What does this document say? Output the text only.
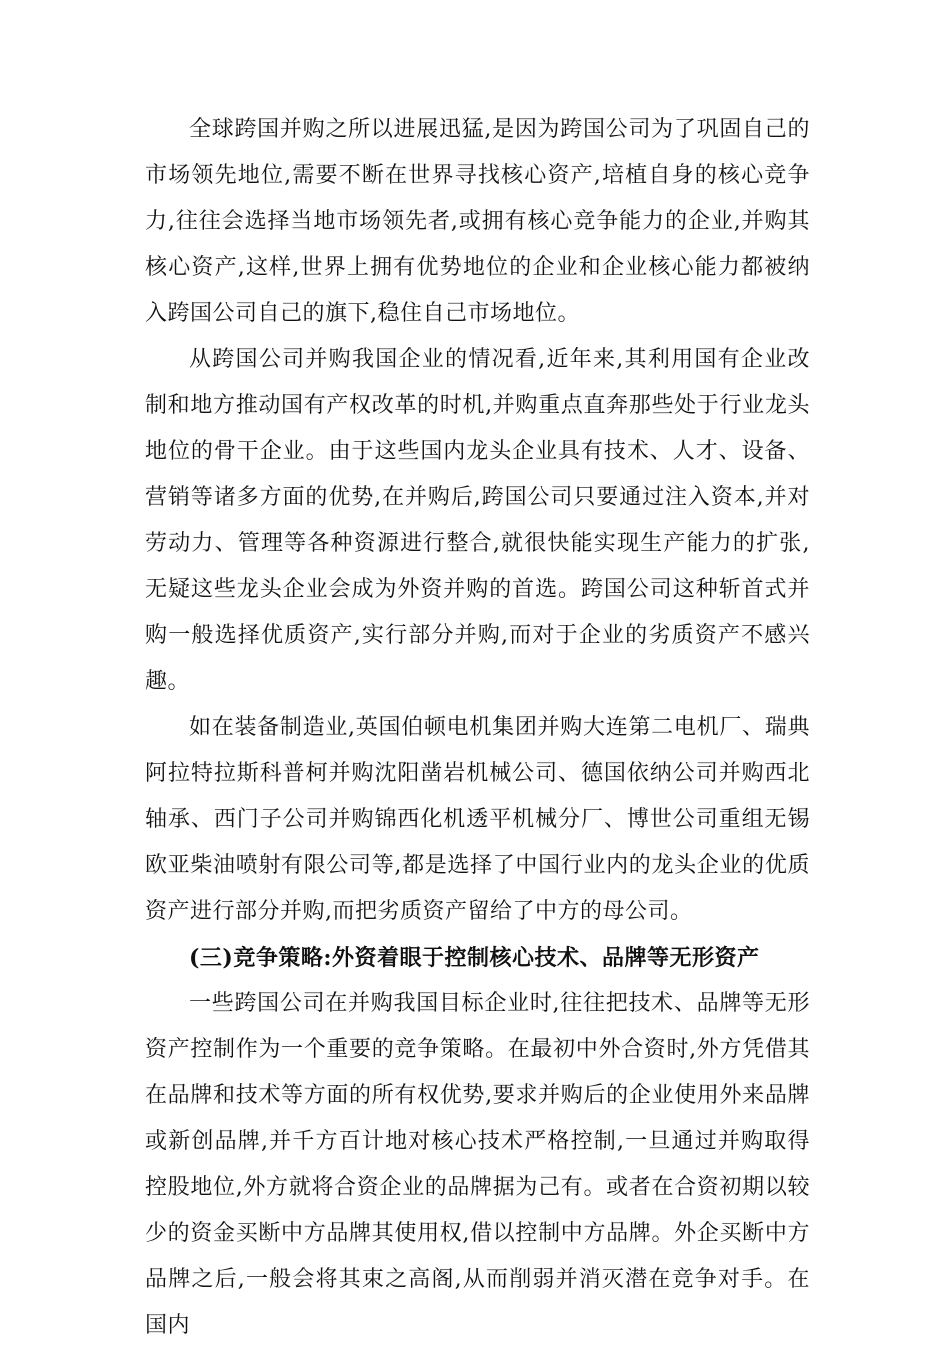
全球跨国并购之所以进展迅猛,是因为跨国公司为了巩固自己的市场领先地位,需要不断在世界寻找核心资产,培植自身的核心竞争力,往往会选择当地市场领先者,或拥有核心竞争能力的企业,并购其核心资产,这样,世界上拥有优势地位的企业和企业核心能力都被纳入跨国公司自己的旗下,稳住自己市场地位。

从跨国公司并购我国企业的情况看,近年来,其利用国有企业改制和地方推动国有产权改革的时机,并购重点直奔那些处于行业龙头地位的骨干企业。由于这些国内龙头企业具有技术、人才、设备、营销等诸多方面的优势,在并购后,跨国公司只要通过注入资本,并对劳动力、管理等各种资源进行整合,就很快能实现生产能力的扩张,无疑这些龙头企业会成为外资并购的首选。跨国公司这种斩首式并购一般选择优质资产,实行部分并购,而对于企业的劣质资产不感兴趣。

如在装备制造业,英国伯顿电机集团并购大连第二电机厂、瑞典阿拉特拉斯科普柯并购沈阳凿岩机械公司、德国依纳公司并购西北轴承、西门子公司并购锦西化机透平机械分厂、博世公司重组无锡欧亚柴油喷射有限公司等,都是选择了中国行业内的龙头企业的优质资产进行部分并购,而把劣质资产留给了中方的母公司。

(三)竞争策略:外资着眼于控制核心技术、品牌等无形资产

一些跨国公司在并购我国目标企业时,往往把技术、品牌等无形资产控制作为一个重要的竞争策略。在最初中外合资时,外方凭借其在品牌和技术等方面的所有权优势,要求并购后的企业使用外来品牌或新创品牌,并千方百计地对核心技术严格控制,一旦通过并购取得控股地位,外方就将合资企业的品牌据为己有。或者在合资初期以较少的资金买断中方品牌其使用权,借以控制中方品牌。外企买断中方品牌之后,一般会将其束之高阁,从而削弱并消灭潜在竞争对手。在国内
